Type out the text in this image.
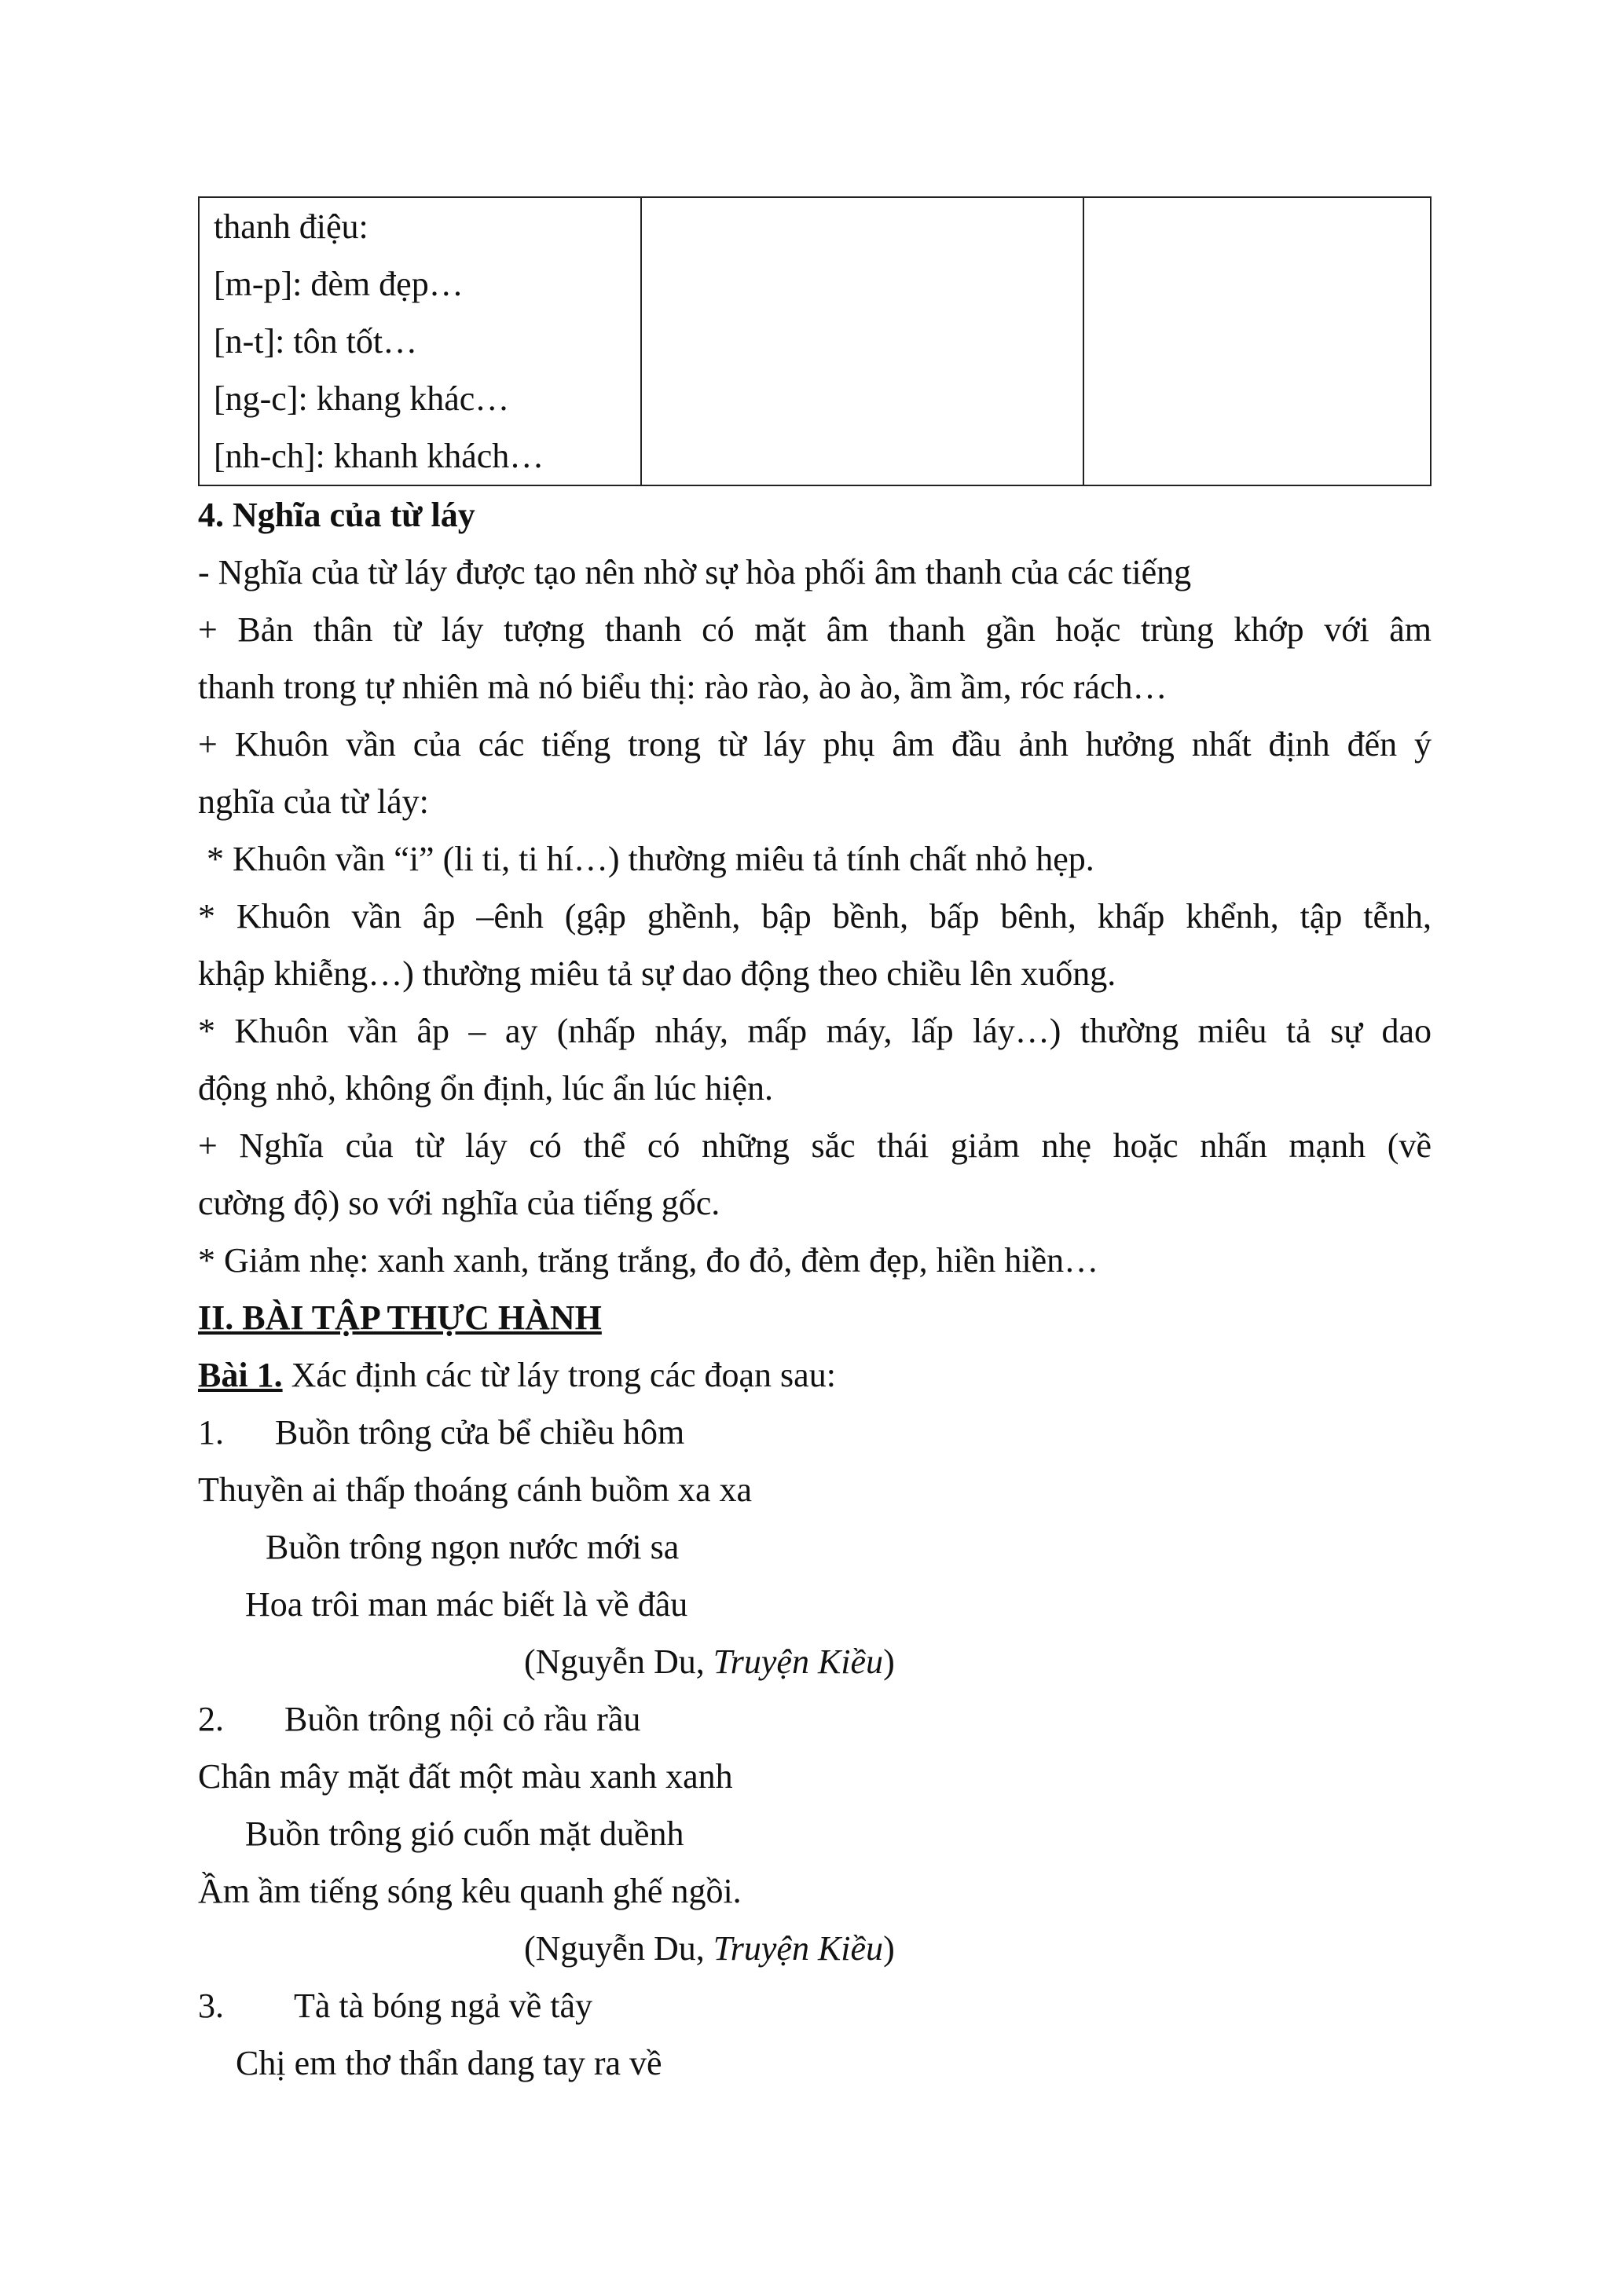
thanh điệu:
[m-p]: đèm đẹp…
[n-t]: tôn tốt…
[ng-c]: khang khác…
[nh-ch]: khanh khách…

4. Nghĩa của từ láy
- Nghĩa của từ láy được tạo nên nhờ sự hòa phối âm thanh của các tiếng
+ Bản thân từ láy tượng thanh có mặt âm thanh gần hoặc trùng khớp với âm
thanh trong tự nhiên mà nó biểu thị: rào rào, ào ào, ầm ầm, róc rách…
+ Khuôn vần của các tiếng trong từ láy phụ âm đầu ảnh hưởng nhất định đến ý
nghĩa của từ láy:
* Khuôn vần “i” (li ti, ti hí…) thường miêu tả tính chất nhỏ hẹp.
* Khuôn vần âp –ênh (gập ghềnh, bập bềnh, bấp bênh, khấp khểnh, tập tễnh,
khập khiễng…) thường miêu tả sự dao động theo chiều lên xuống.
* Khuôn vần âp – ay (nhấp nháy, mấp máy, lấp láy…) thường miêu tả sự dao
động nhỏ, không ổn định, lúc ẩn lúc hiện.
+ Nghĩa của từ láy có thể có những sắc thái giảm nhẹ hoặc nhấn mạnh (về
cường độ) so với nghĩa của tiếng gốc.
* Giảm nhẹ: xanh xanh, trăng trắng, đo đỏ, đèm đẹp, hiền hiền…
II. BÀI TẬP THỰC HÀNH
Bài 1. Xác định các từ láy trong các đoạn sau:
1. Buồn trông cửa bể chiều hôm
Thuyền ai thấp thoáng cánh buồm xa xa
Buồn trông ngọn nước mới sa
Hoa trôi man mác biết là về đâu
(Nguyễn Du, Truyện Kiều)
2. Buồn trông nội cỏ rầu rầu
Chân mây mặt đất một màu xanh xanh
Buồn trông gió cuốn mặt duềnh
Ầm ầm tiếng sóng kêu quanh ghế ngồi.
(Nguyễn Du, Truyện Kiều)
3. Tà tà bóng ngả về tây
Chị em thơ thẩn dang tay ra về
